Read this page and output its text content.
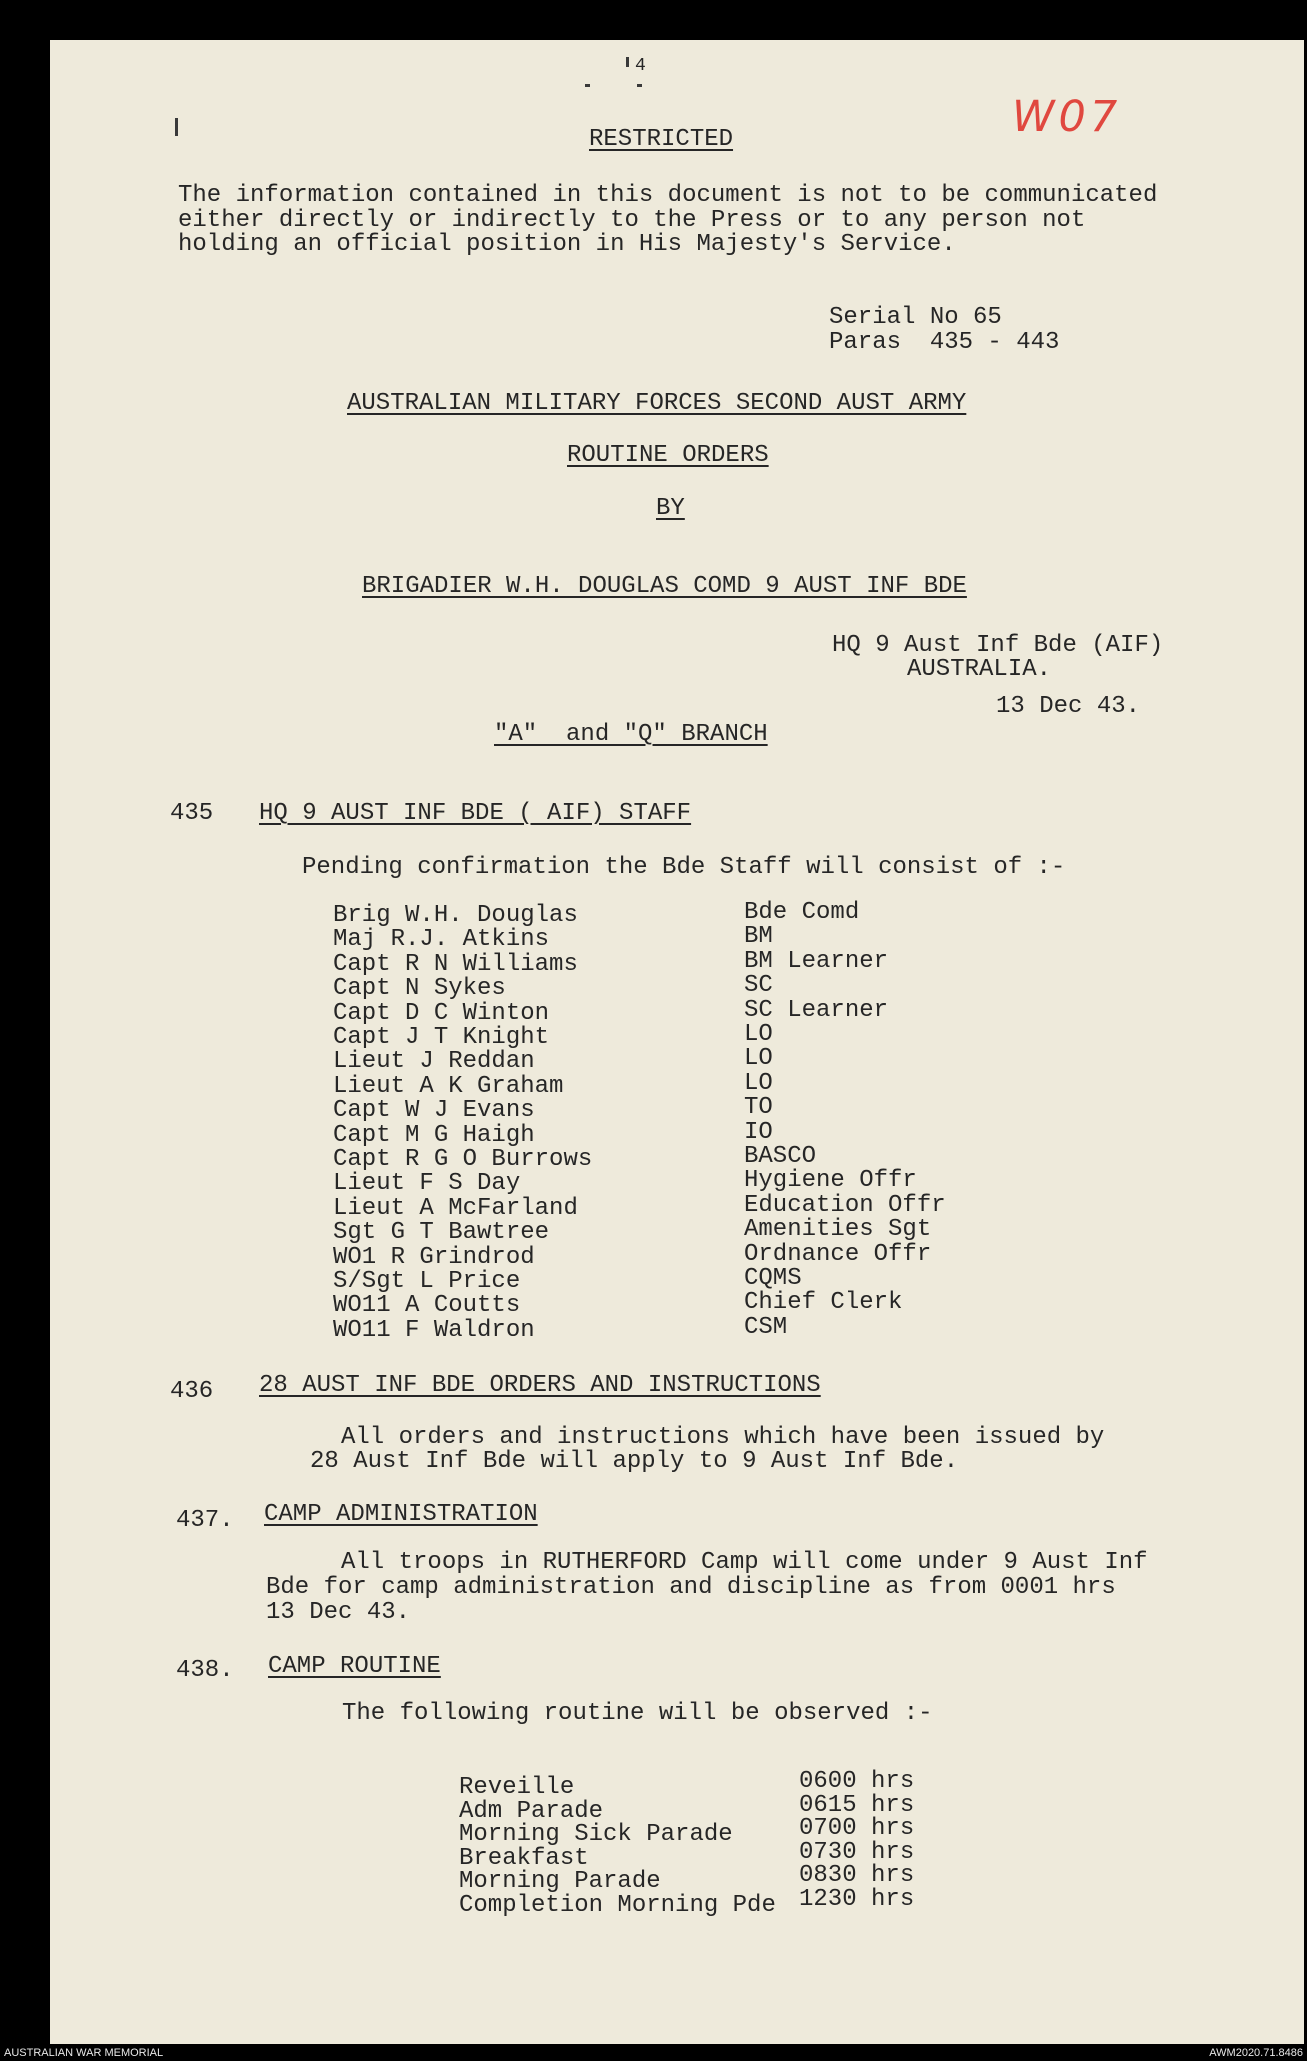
4
W07
RESTRICTED
The information contained in this document is not to be communicated
either directly or indirectly to the Press or to any person not
holding an official position in His Majesty's Service.
Serial No 65
Paras  435 - 443
AUSTRALIAN MILITARY FORCES SECOND AUST ARMY
ROUTINE ORDERS
BY
BRIGADIER W.H. DOUGLAS COMD 9 AUST INF BDE
HQ 9 Aust Inf Bde (AIF)
AUSTRALIA.
13 Dec 43.
"A"  and "Q" BRANCH
435 HQ 9 AUST INF BDE ( AIF) STAFF
Pending confirmation the Bde Staff will consist of :-
Brig W.H. Douglas	Bde Comd
Maj R.J. Atkins	BM
Capt R N Williams	BM Learner
Capt N Sykes	SC
Capt D C Winton	SC Learner
Capt J T Knight	LO
Lieut J Reddan	LO
Lieut A K Graham	LO
Capt W J Evans	TO
Capt M G Haigh	IO
Capt R G O Burrows	BASCO
Lieut F S Day	Hygiene Offr
Lieut A McFarland	Education Offr
Sgt G T Bawtree	Amenities Sgt
WO1 R Grindrod	Ordnance Offr
S/Sgt L Price	CQMS
WO11 A Coutts	Chief Clerk
WO11 F Waldron	CSM
436 28 AUST INF BDE ORDERS AND INSTRUCTIONS
All orders and instructions which have been issued by
28 Aust Inf Bde will apply to 9 Aust Inf Bde.
437. CAMP ADMINISTRATION
All troops in RUTHERFORD Camp will come under 9 Aust Inf
Bde for camp administration and discipline as from 0001 hrs
13 Dec 43.
438. CAMP ROUTINE
The following routine will be observed :-
Reveille	0600 hrs
Adm Parade	0615 hrs
Morning Sick Parade	0700 hrs
Breakfast	0730 hrs
Morning Parade	0830 hrs
Completion Morning Pde 1230 hrs
AUSTRALIAN WAR MEMORIAL	AWM2020.71.8486
